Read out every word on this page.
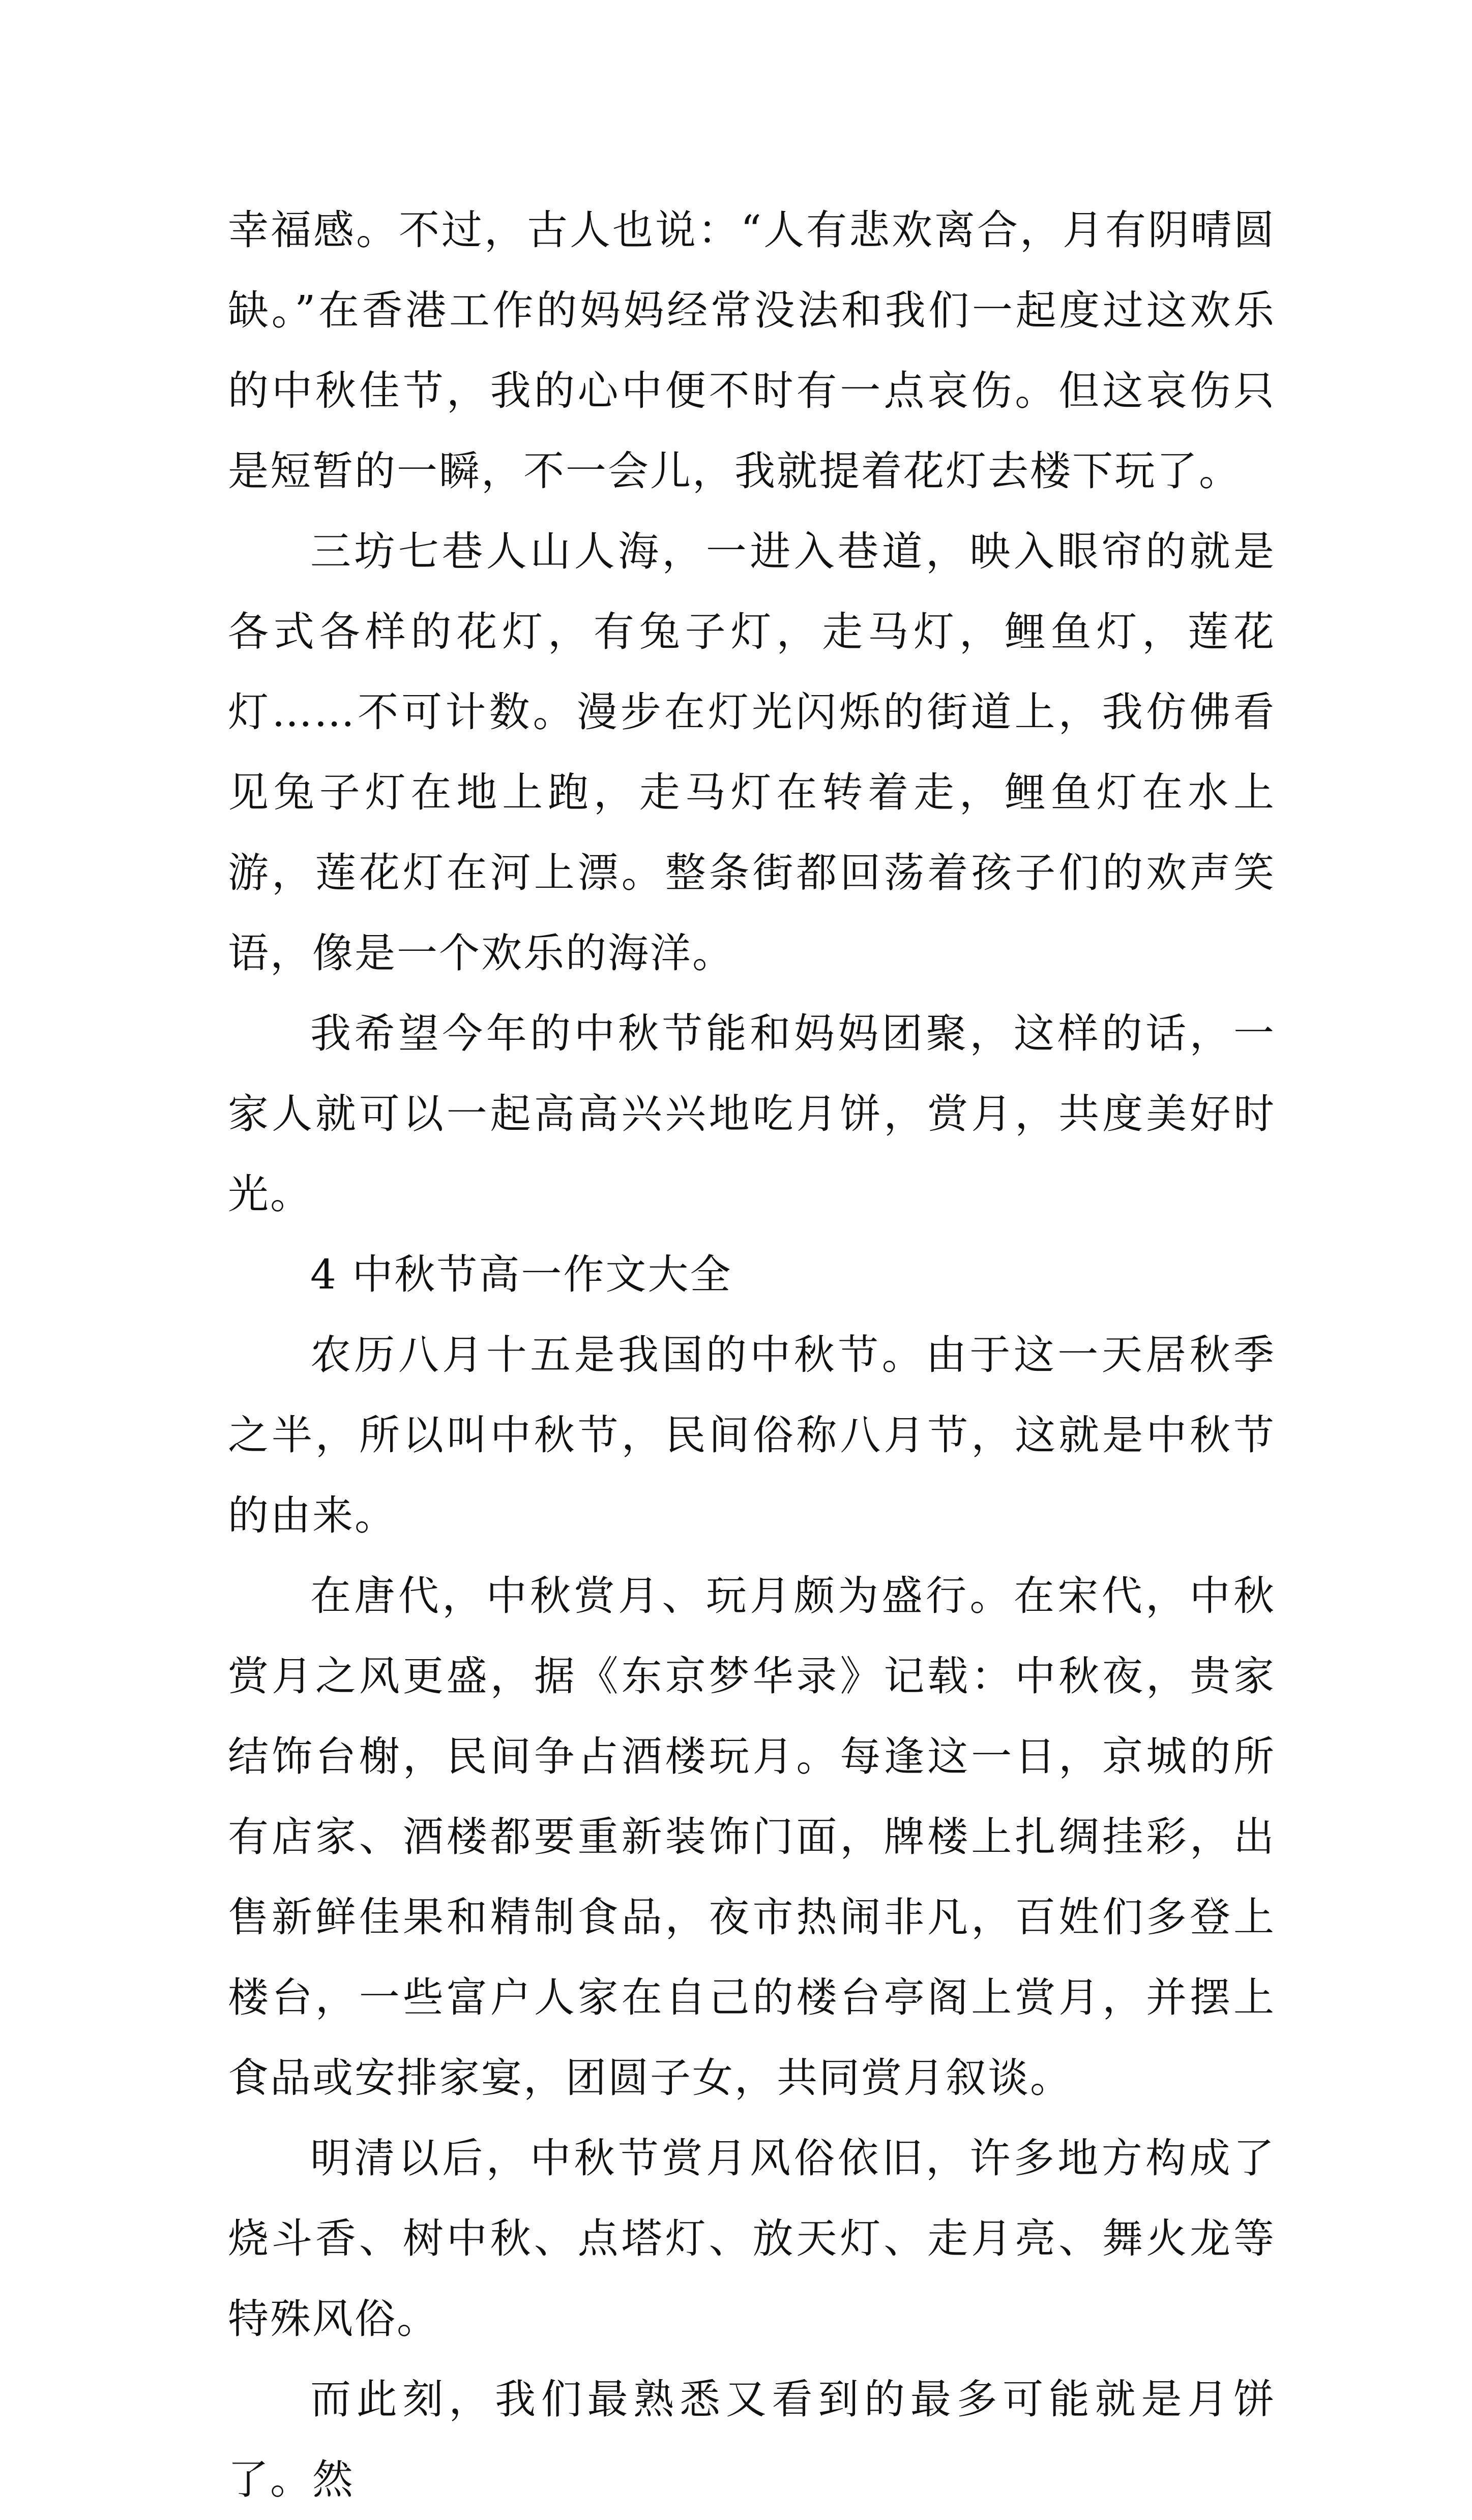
幸福感。不过，古人也说：“人有悲欢离合，月有阴晴圆缺。”在香港工作的妈妈经常没法和我们一起度过这欢乐的中秋佳节，我的心中便不时有一点哀伤。但这哀伤只是短暂的一瞬，不一会儿，我就提着花灯去楼下玩了。

三坊七巷人山人海，一进入巷道，映入眼帘的就是各式各样的花灯，有兔子灯，走马灯，鲤鱼灯，莲花灯……不可计数。漫步在灯光闪烁的街道上，我仿佛看见兔子灯在地上跑，走马灯在转着走，鲤鱼灯在水上游，莲花灯在河上漂。整条街都回荡着孩子们的欢声笑语，像是一个欢乐的海洋。

我希望今年的中秋节能和妈妈团聚，这样的话，一家人就可以一起高高兴兴地吃月饼，赏月，共度美好时光。

4 中秋节高一作文大全

农历八月十五是我国的中秋节。由于这一天居秋季之半，所以叫中秋节，民间俗称八月节，这就是中秋节的由来。

在唐代，中秋赏月、玩月颇为盛行。在宋代，中秋赏月之风更盛，据《东京梦华录》记载：中秋夜，贵家结饰台榭，民间争占酒楼玩月。每逢这一日，京城的所有店家、酒楼都要重新装饰门面，牌楼上扎绸挂彩，出售新鲜佳果和精制食品，夜市热闹非凡，百姓们多登上楼台，一些富户人家在自己的楼台亭阁上赏月，并摆上食品或安排家宴，团圆子女，共同赏月叙谈。

明清以后，中秋节赏月风俗依旧，许多地方构成了烧斗香、树中秋、点塔灯、放天灯、走月亮、舞火龙等特殊风俗。

而此刻，我们最熟悉又看到的最多可能就是月饼了。然
